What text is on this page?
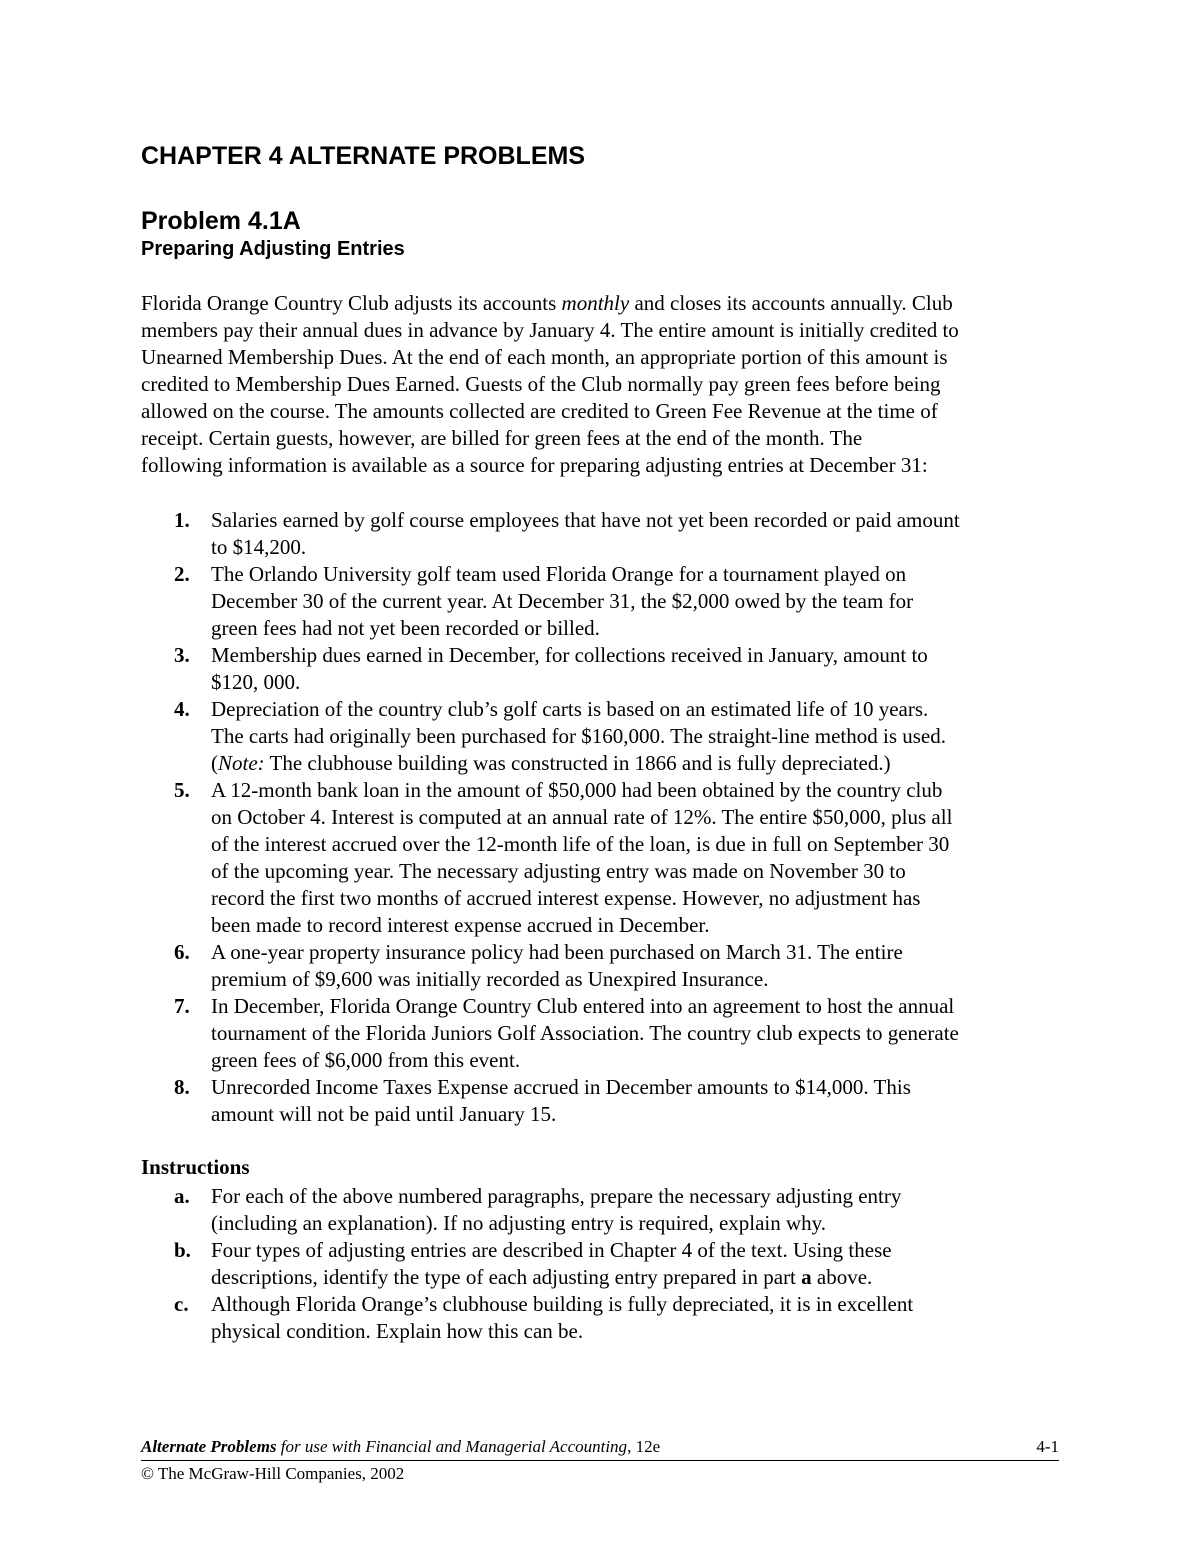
CHAPTER 4 ALTERNATE PROBLEMS
Problem 4.1A
Preparing Adjusting Entries

Florida Orange Country Club adjusts its accounts monthly and closes its accounts annually. Club
members pay their annual dues in advance by January 4. The entire amount is initially credited to
Unearned Membership Dues. At the end of each month, an appropriate portion of this amount is
credited to Membership Dues Earned. Guests of the Club normally pay green fees before being
allowed on the course. The amounts collected are credited to Green Fee Revenue at the time of
receipt. Certain guests, however, are billed for green fees at the end of the month. The
following information is available as a source for preparing adjusting entries at December 31:

1. Salaries earned by golf course employees that have not yet been recorded or paid amount
to $14,200.
2. The Orlando University golf team used Florida Orange for a tournament played on
December 30 of the current year. At December 31, the $2,000 owed by the team for
green fees had not yet been recorded or billed.
3. Membership dues earned in December, for collections received in January, amount to
$120, 000.
4. Depreciation of the country club’s golf carts is based on an estimated life of 10 years.
The carts had originally been purchased for $160,000. The straight-line method is used.
(Note: The clubhouse building was constructed in 1866 and is fully depreciated.)
5. A 12-month bank loan in the amount of $50,000 had been obtained by the country club
on October 4. Interest is computed at an annual rate of 12%. The entire $50,000, plus all
of the interest accrued over the 12-month life of the loan, is due in full on September 30
of the upcoming year. The necessary adjusting entry was made on November 30 to
record the first two months of accrued interest expense. However, no adjustment has
been made to record interest expense accrued in December.
6. A one-year property insurance policy had been purchased on March 31. The entire
premium of $9,600 was initially recorded as Unexpired Insurance.
7. In December, Florida Orange Country Club entered into an agreement to host the annual
tournament of the Florida Juniors Golf Association. The country club expects to generate
green fees of $6,000 from this event.
8. Unrecorded Income Taxes Expense accrued in December amounts to $14,000. This
amount will not be paid until January 15.
Instructions
a. For each of the above numbered paragraphs, prepare the necessary adjusting entry
(including an explanation). If no adjusting entry is required, explain why.
b. Four types of adjusting entries are described in Chapter 4 of the text. Using these
descriptions, identify the type of each adjusting entry prepared in part a above.
c. Although Florida Orange’s clubhouse building is fully depreciated, it is in excellent
physical condition. Explain how this can be.
Alternate Problems for use with Financial and Managerial Accounting, 12e	4-1
© The McGraw-Hill Companies, 2002
